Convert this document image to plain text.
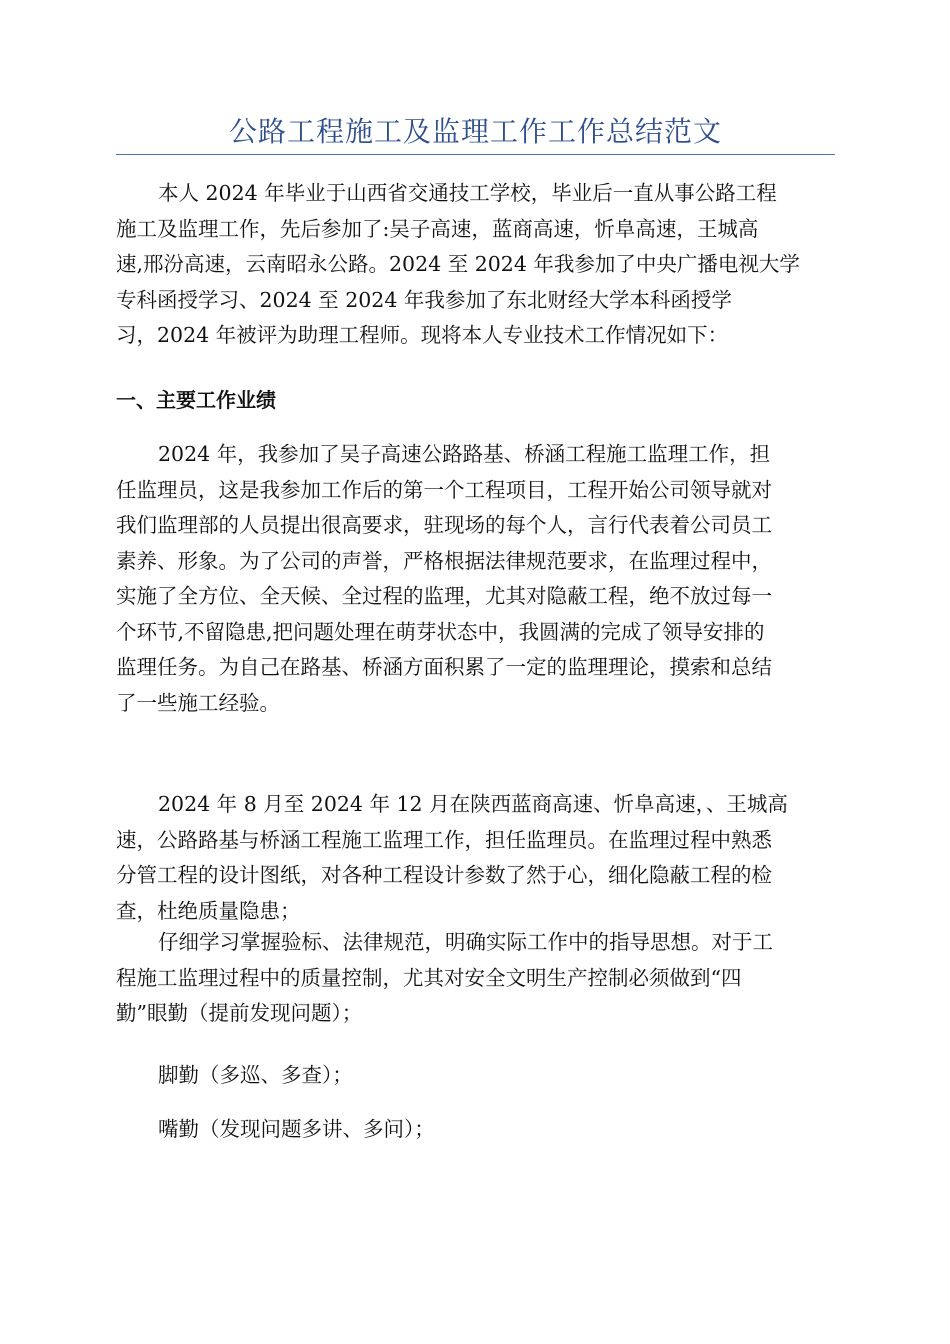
公路工程施工及监理工作工作总结范文

本人 2024 年毕业于山西省交通技工学校，毕业后一直从事公路工程
施工及监理工作，先后参加了:吴子高速，蓝商高速，忻阜高速，王城高
速,邢汾高速，云南昭永公路。2024 至 2024 年我参加了中央广播电视大学
专科函授学习、2024 至 2024 年我参加了东北财经大学本科函授学
习，2024 年被评为助理工程师。现将本人专业技术工作情况如下：

一、主要工作业绩

2024 年，我参加了吴子高速公路路基、桥涵工程施工监理工作，担
任监理员，这是我参加工作后的第一个工程项目，工程开始公司领导就对
我们监理部的人员提出很高要求，驻现场的每个人，言行代表着公司员工
素养、形象。为了公司的声誉，严格根据法律规范要求，在监理过程中，
实施了全方位、全天候、全过程的监理，尤其对隐蔽工程，绝不放过每一
个环节,不留隐患,把问题处理在萌芽状态中，我圆满的完成了领导安排的
监理任务。为自己在路基、桥涵方面积累了一定的监理理论，摸索和总结
了一些施工经验。

2024 年 8 月至 2024 年 12 月在陕西蓝商高速、忻阜高速，、王城高
速，公路路基与桥涵工程施工监理工作，担任监理员。在监理过程中熟悉
分管工程的设计图纸，对各种工程设计参数了然于心，细化隐蔽工程的检
查，杜绝质量隐患；

仔细学习掌握验标、法律规范，明确实际工作中的指导思想。对于工
程施工监理过程中的质量控制，尤其对安全文明生产控制必须做到“四
勤”眼勤（提前发现问题）；

脚勤（多巡、多查）；

嘴勤（发现问题多讲、多问）；
